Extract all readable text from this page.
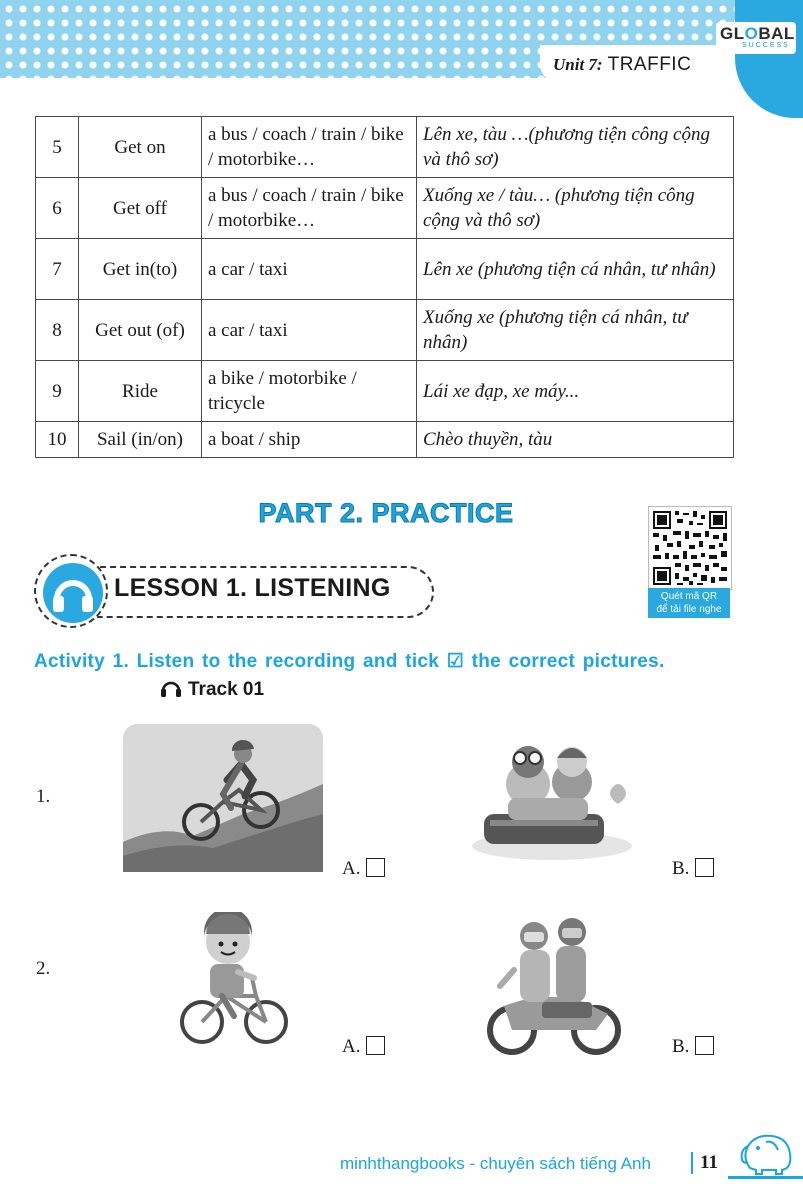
Unit 7: TRAFFIC
GLOBAL
SUCCESS
5	Get on	a bus / coach / train / bike / motorbike…	Lên xe, tàu …(phương tiện công cộng và thô sơ)
6	Get off	a bus / coach / train / bike / motorbike…	Xuống xe / tàu… (phương tiện công cộng và thô sơ)
7	Get in(to)	a car / taxi	Lên xe (phương tiện cá nhân, tư nhân)
8	Get out (of)	a car / taxi	Xuống xe (phương tiện cá nhân, tư nhân)
9	Ride	a bike / motorbike / tricycle	Lái xe đạp, xe máy...
10	Sail (in/on)	a boat / ship	Chèo thuyền, tàu
PART 2. PRACTICE
Quét mã QR
để tải file nghe
LESSON 1. LISTENING
Activity 1. Listen to the recording and tick ☑ the correct pictures.
Track 01
1.
A.	B.
2.
A.	B.
minhthangbooks - chuyên sách tiếng Anh	11
